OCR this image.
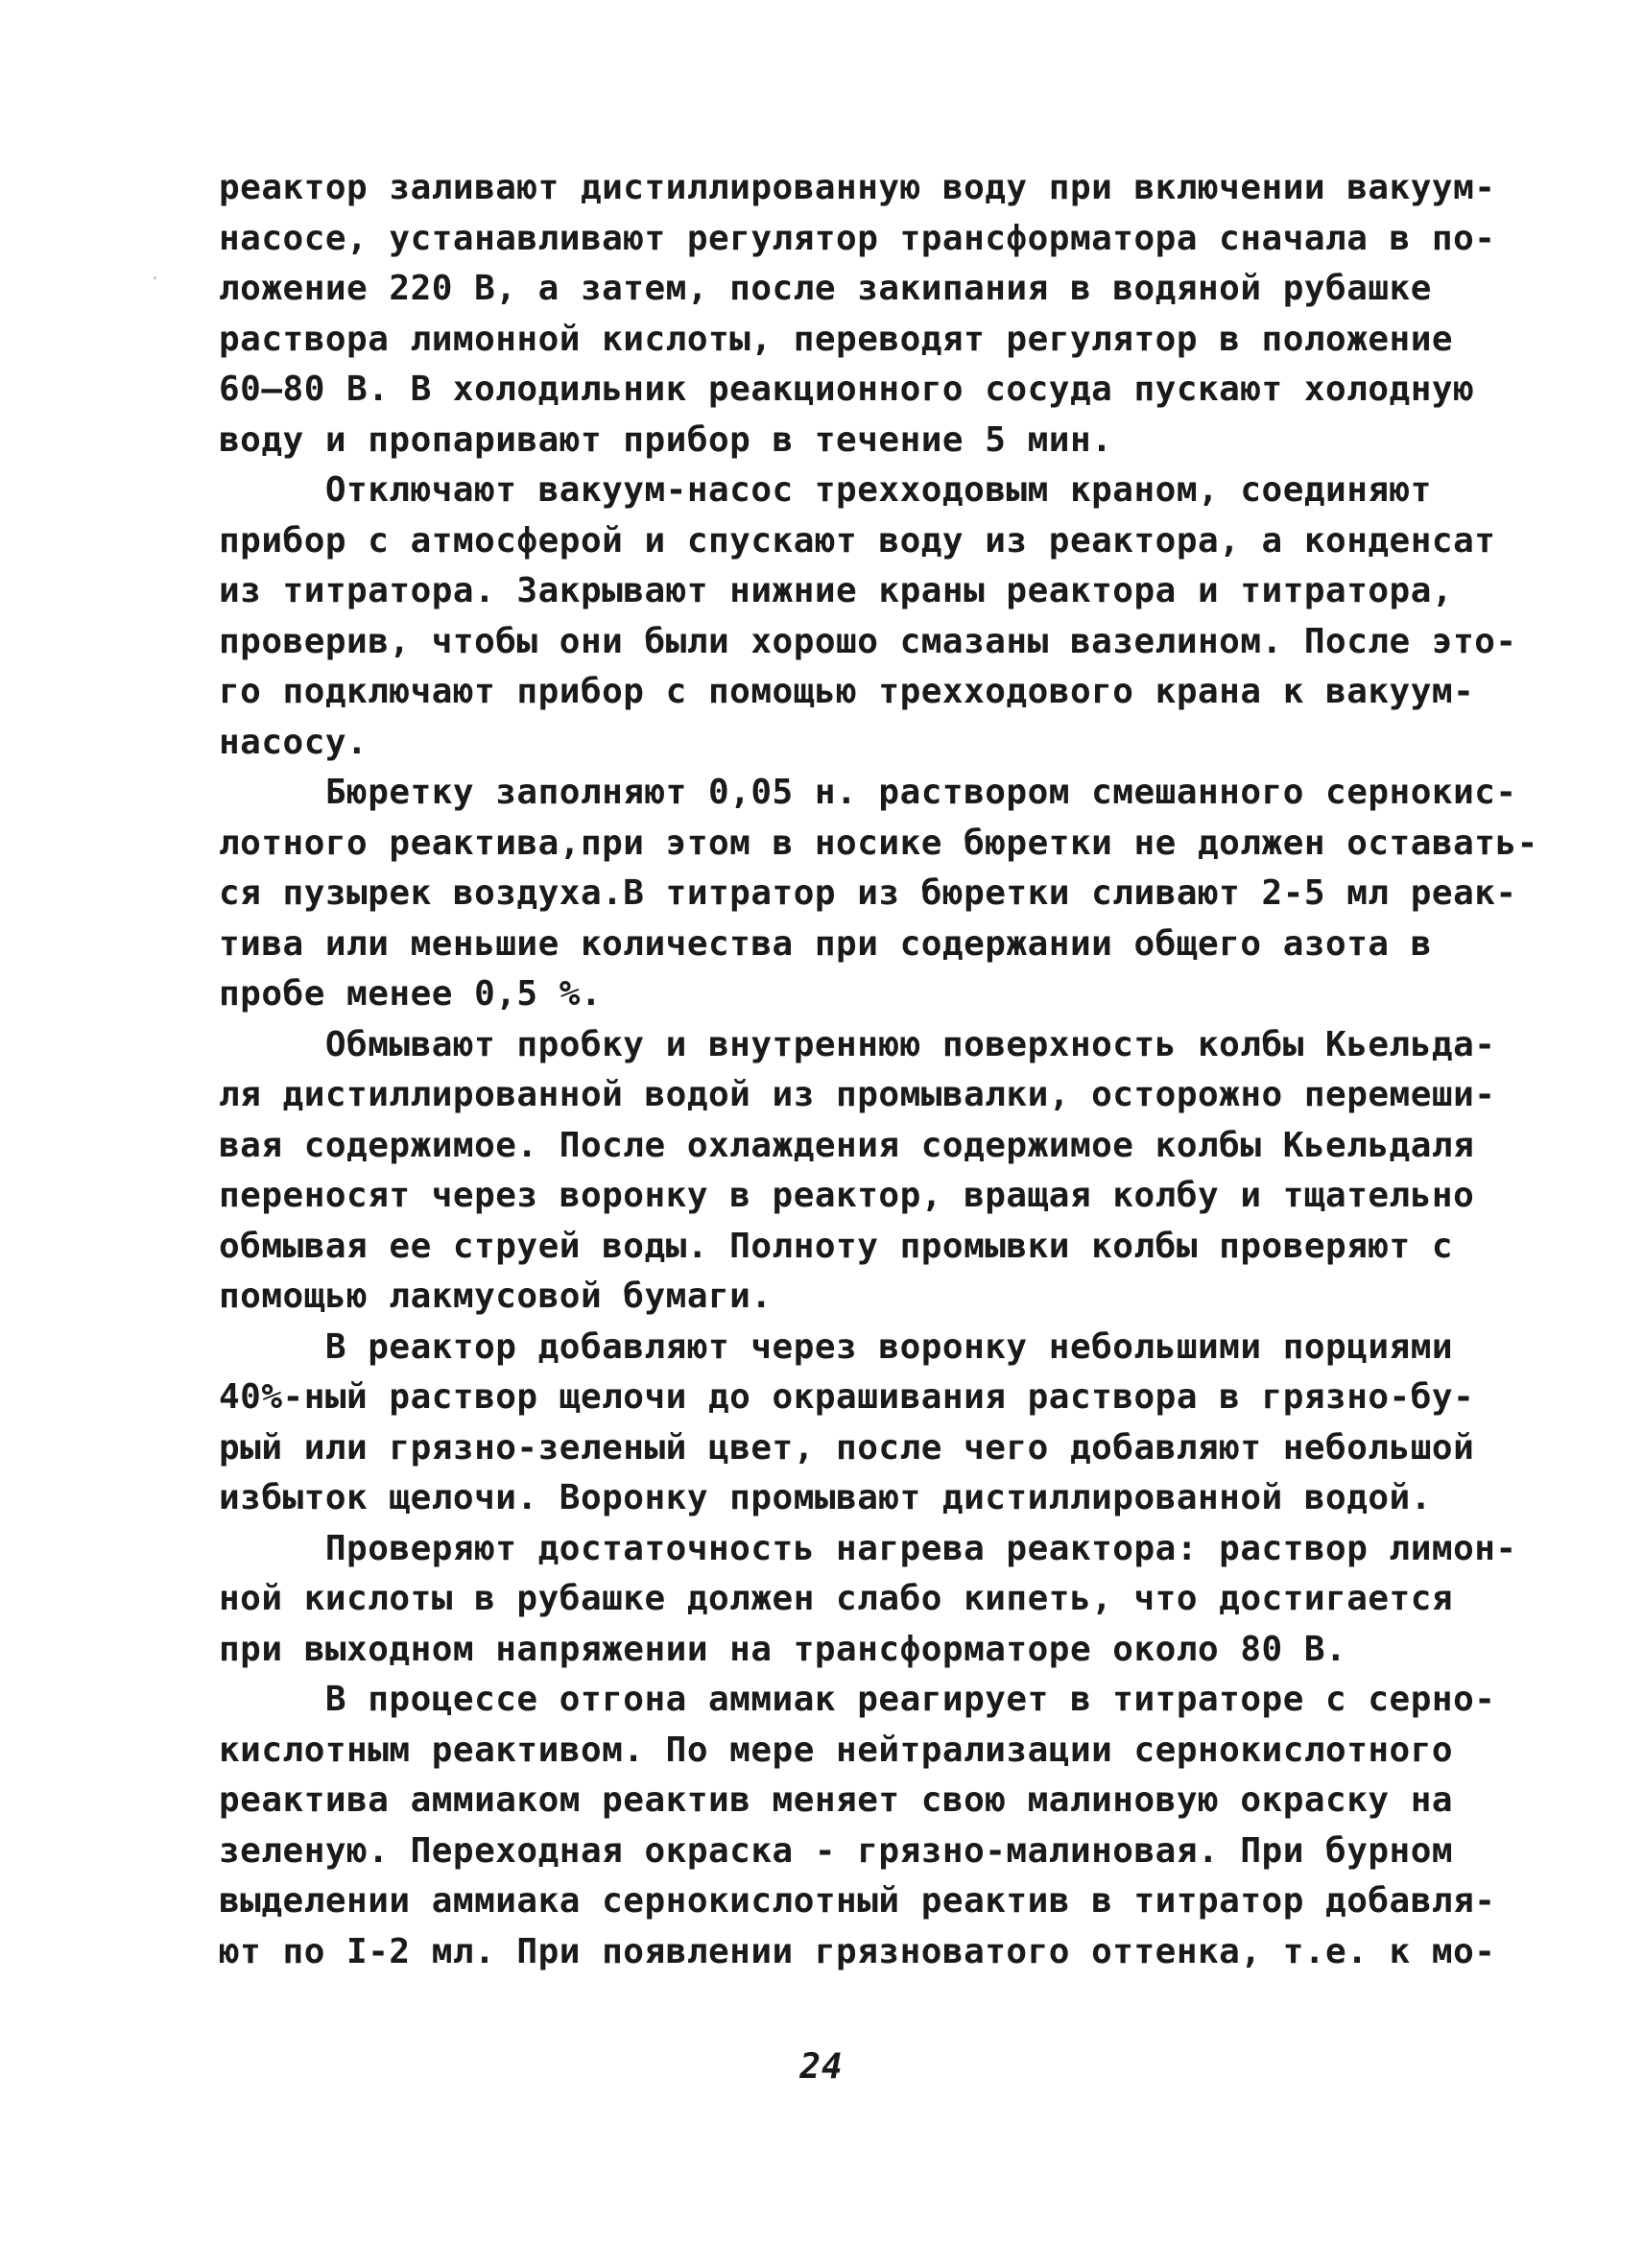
реактор заливают дистиллированную воду при включении вакуум-
насосе, устанавливают регулятор трансформатора сначала в по-
ложение 220 В, а затем, после закипания в водяной рубашке
раствора лимонной кислоты, переводят регулятор в положение
60–80 В. В холодильник реакционного сосуда пускают холодную
воду и пропаривают прибор в течение 5 мин.
Отключают вакуум-насос трехходовым краном, соединяют
прибор с атмосферой и спускают воду из реактора, а конденсат
из титратора. Закрывают нижние краны реактора и титратора,
проверив, чтобы они были хорошо смазаны вазелином. После это-
го подключают прибор с помощью трехходового крана к вакуум-
насосу.
Бюретку заполняют 0,05 н. раствором смешанного сернокис-
лотного реактива,при этом в носике бюретки не должен оставать-
ся пузырек воздуха.В титратор из бюретки сливают 2-5 мл реак-
тива или меньшие количества при содержании общего азота в
пробе менее 0,5 %.
Обмывают пробку и внутреннюю поверхность колбы Кьельда-
ля дистиллированной водой из промывалки, осторожно перемеши-
вая содержимое. После охлаждения содержимое колбы Кьельдаля
переносят через воронку в реактор, вращая колбу и тщательно
обмывая ее струей воды. Полноту промывки колбы проверяют с
помощью лакмусовой бумаги.
В реактор добавляют через воронку небольшими порциями
40%-ный раствор щелочи до окрашивания раствора в грязно-бу-
рый или грязно-зеленый цвет, после чего добавляют небольшой
избыток щелочи. Воронку промывают дистиллированной водой.
Проверяют достаточность нагрева реактора: раствор лимон-
ной кислоты в рубашке должен слабо кипеть, что достигается
при выходном напряжении на трансформаторе около 80 В.
В процессе отгона аммиак реагирует в титраторе с серно-
кислотным реактивом. По мере нейтрализации сернокислотного
реактива аммиаком реактив меняет свою малиновую окраску на
зеленую. Переходная окраска - грязно-малиновая. При бурном
выделении аммиака сернокислотный реактив в титратор добавля-
ют по I-2 мл. При появлении грязноватого оттенка, т.е. к мо-
24
